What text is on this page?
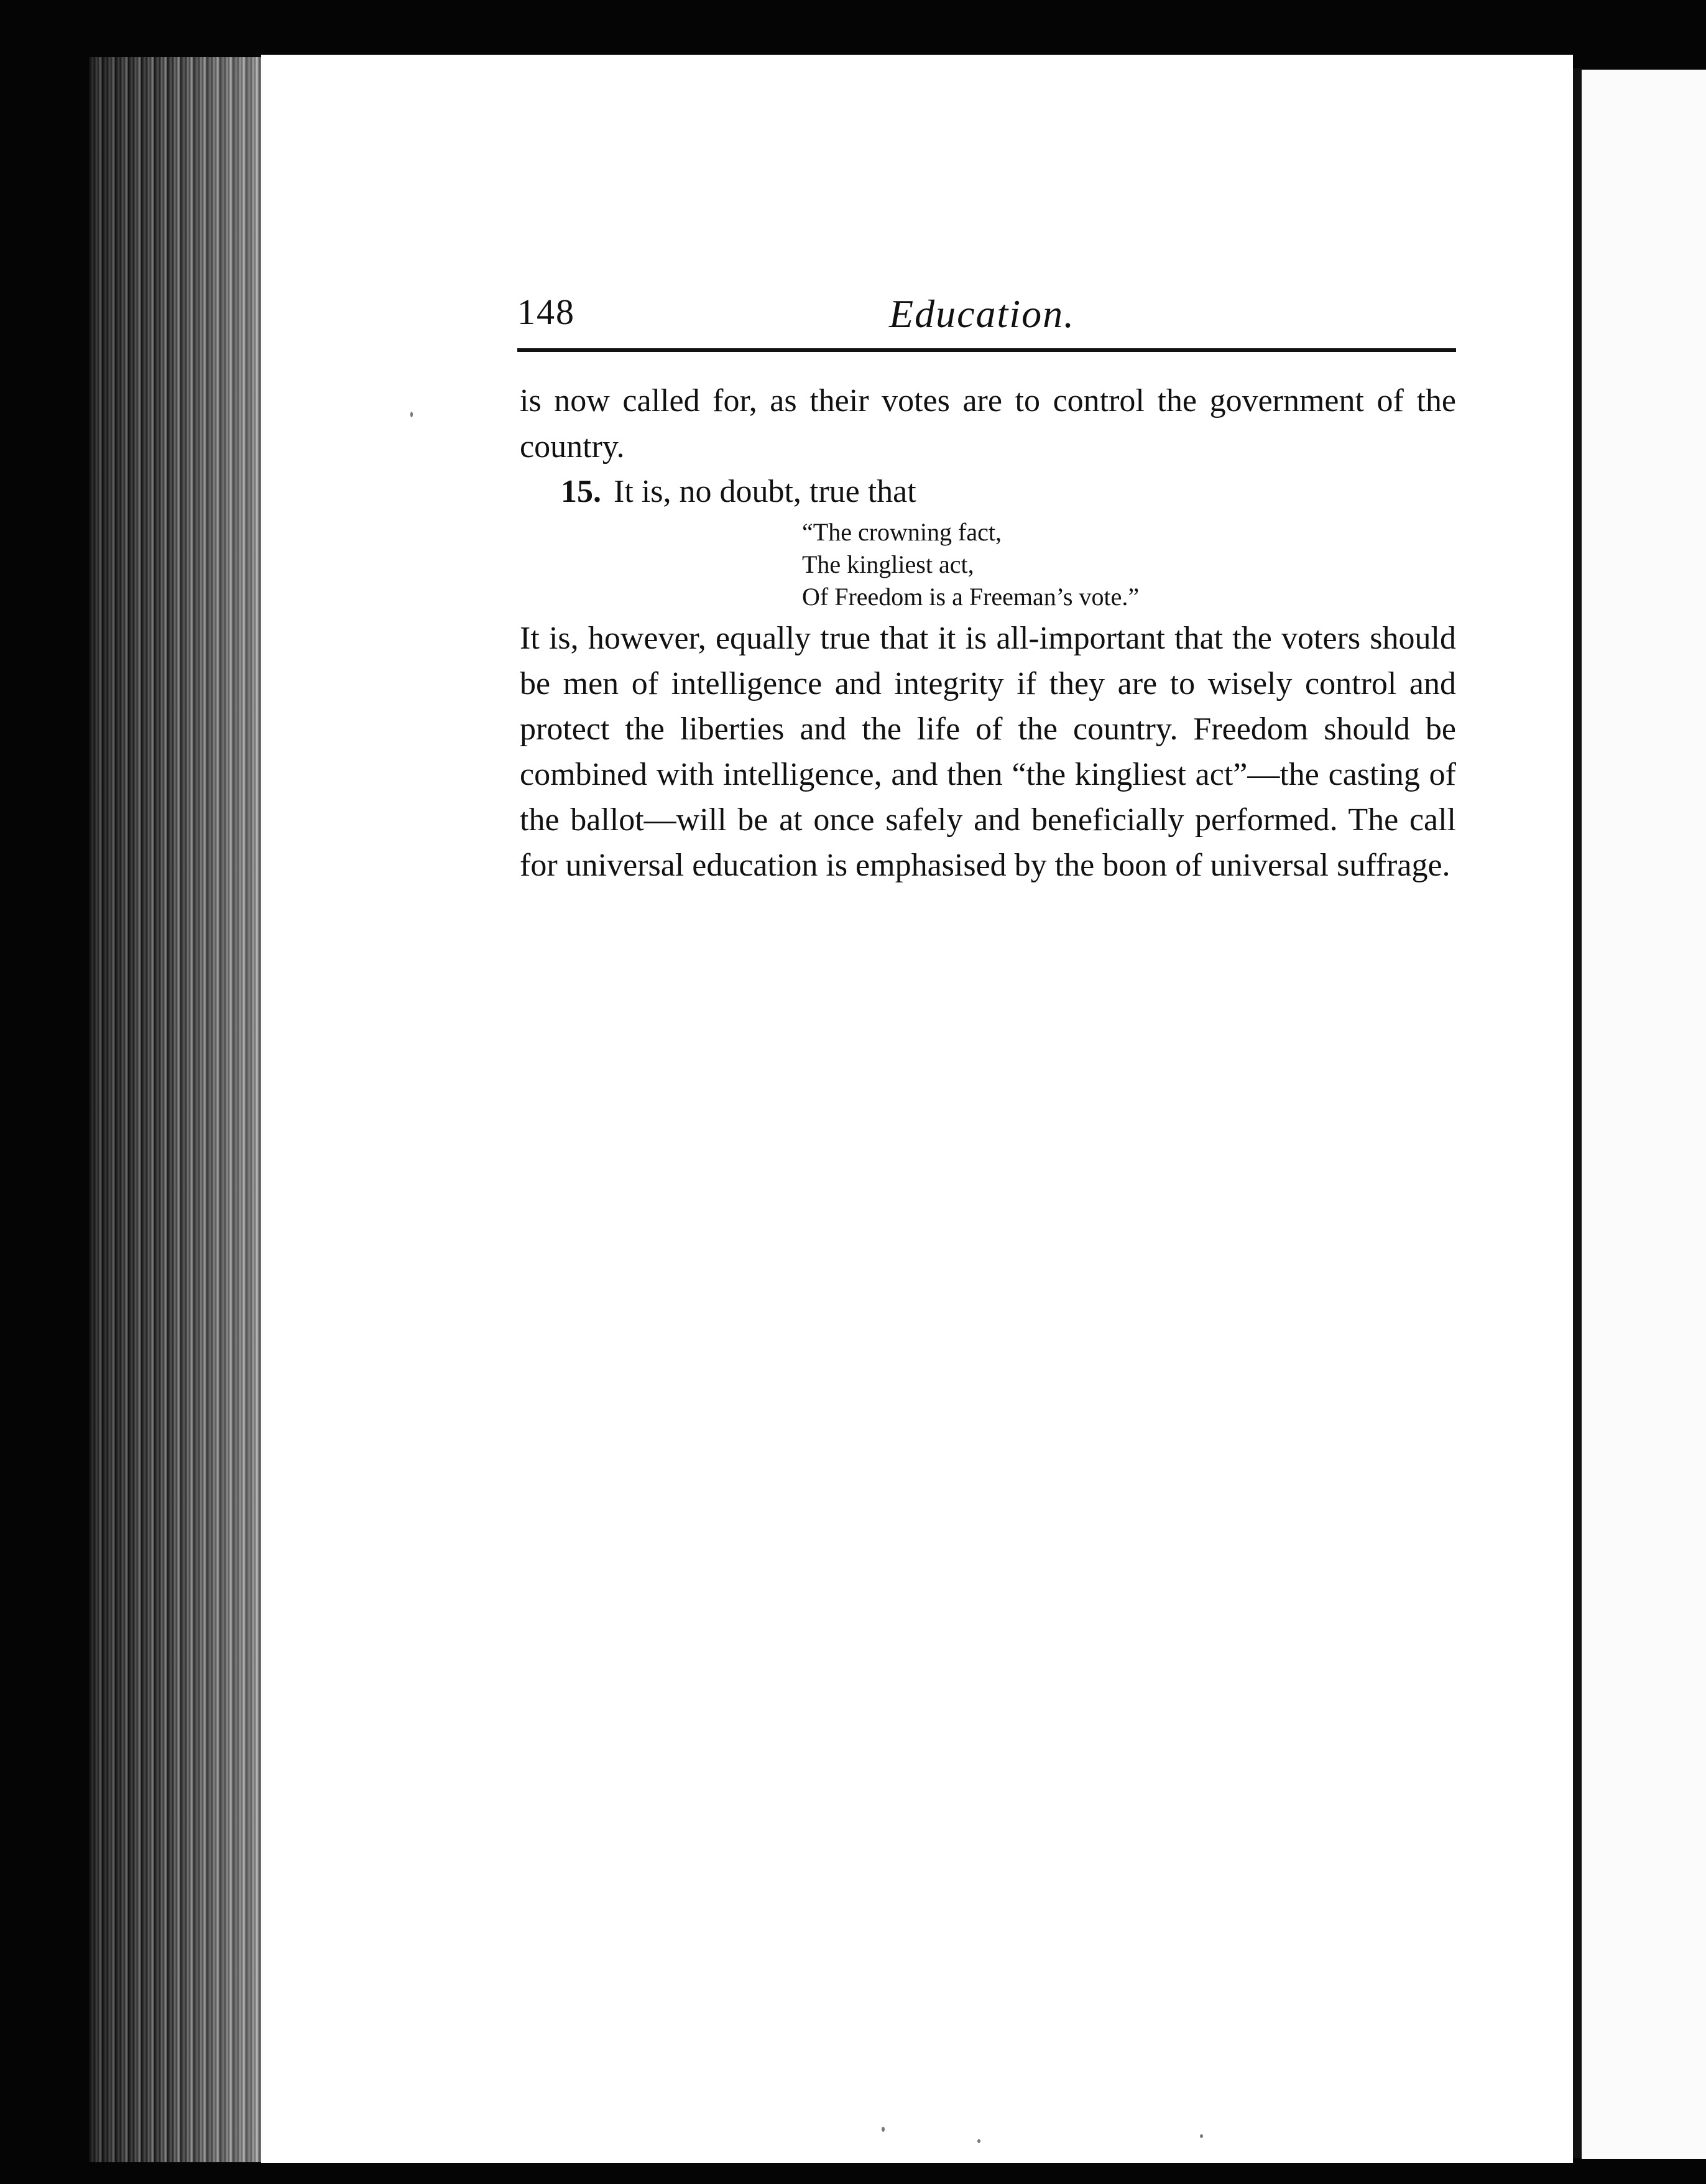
148	Education.
is now called for, as their votes are to control the government of the country.
15. It is, no doubt, true that
“The crowning fact,
The kingliest act,
Of Freedom is a Freeman’s vote.”
It is, however, equally true that it is all-important that the voters should be men of intelligence and integrity if they are to wisely control and protect the liberties and the life of the country. Freedom should be combined with intelligence, and then “the kingliest act”—the casting of the ballot—will be at once safely and beneficially performed. The call for universal education is emphasised by the boon of universal suffrage.
